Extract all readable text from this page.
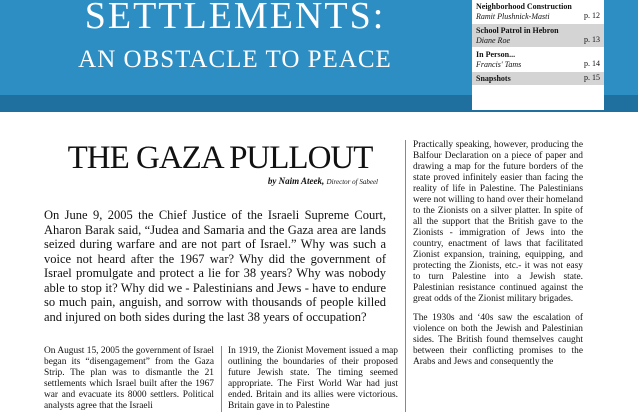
SETTLEMENTS:
AN OBSTACLE TO PEACE
Neighborhood Construction
Ramit Plushnick-Masti	p. 12
School Patrol in Hebron
Diane Roe	p. 13
In Person...
Francis' Tams	p. 14
Snapshots	p. 15
THE GAZA PULLOUT
by Naim Ateek, Director of Sabeel

On June 9, 2005 the Chief Justice of the Israeli Supreme Court, Aharon Barak said, “Judea and Samaria and the Gaza area are lands seized during warfare and are not part of Israel.” Why was such a voice not heard after the 1967 war? Why did the government of Israel promulgate and protect a lie for 38 years? Why was nobody able to stop it? Why did we - Palestinians and Jews - have to endure so much pain, anguish, and sorrow with thousands of people killed and injured on both sides during the last 38 years of occupation?

On August 15, 2005 the government of Israel began its “disengagement” from the Gaza Strip. The plan was to dismantle the 21 settlements which Israel built after the 1967 war and evacuate its 8000 settlers. Political analysts agree that the Israeli

In 1919, the Zionist Movement issued a map outlining the boundaries of their proposed future Jewish state. The timing seemed appropriate. The First World War had just ended. Britain and its allies were victorious. Britain gave in to Palestine

Practically speaking, however, producing the Balfour Declaration on a piece of paper and drawing a map for the future borders of the state proved infinitely easier than facing the reality of life in Palestine. The Palestinians were not willing to hand over their homeland to the Zionists on a silver platter. In spite of all the support that the British gave to the Zionists - immigration of Jews into the country, enactment of laws that facilitated Zionist expansion, training, equipping, and protecting the Zionists, etc.- it was not easy to turn Palestine into a Jewish state. Palestinian resistance continued against the great odds of the Zionist military brigades.

The 1930s and ‘40s saw the escalation of violence on both the Jewish and Palestinian sides. The British found themselves caught between their conflicting promises to the Arabs and Jews and consequently the
